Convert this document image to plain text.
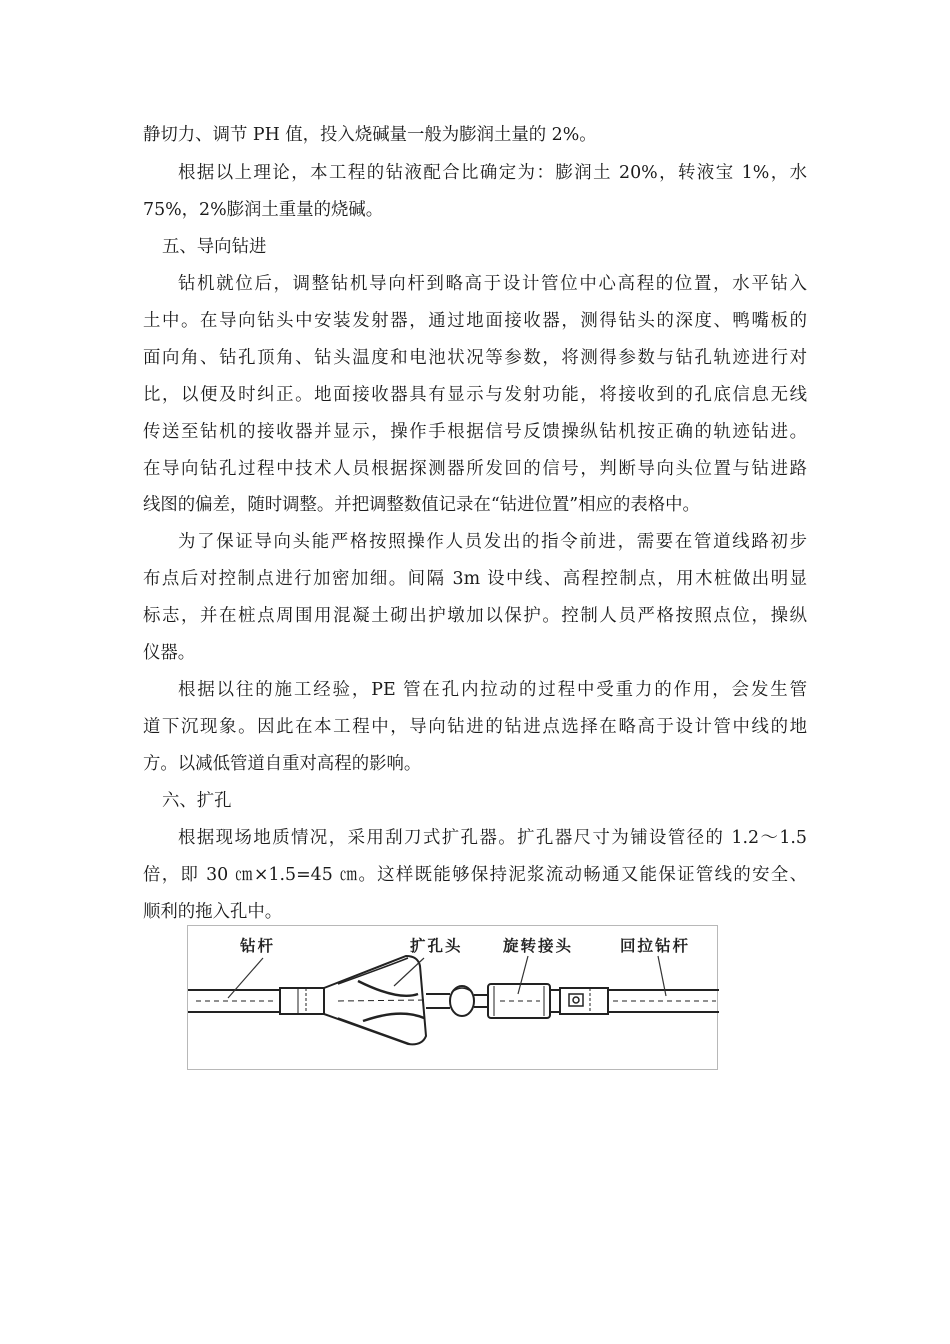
静切力、调节 PH 值，投入烧碱量一般为膨润土量的 2%。
根据以上理论，本工程的钻液配合比确定为：膨润土 20%，转液宝 1%，水
75%，2%膨润土重量的烧碱。
五、导向钻进
钻机就位后，调整钻机导向杆到略高于设计管位中心高程的位置，水平钻入
土中。在导向钻头中安装发射器，通过地面接收器，测得钻头的深度、鸭嘴板的
面向角、钻孔顶角、钻头温度和电池状况等参数，将测得参数与钻孔轨迹进行对
比，以便及时纠正。地面接收器具有显示与发射功能，将接收到的孔底信息无线
传送至钻机的接收器并显示，操作手根据信号反馈操纵钻机按正确的轨迹钻进。
在导向钻孔过程中技术人员根据探测器所发回的信号，判断导向头位置与钻进路
线图的偏差，随时调整。并把调整数值记录在“钻进位置”相应的表格中。
为了保证导向头能严格按照操作人员发出的指令前进，需要在管道线路初步
布点后对控制点进行加密加细。间隔 3m 设中线、高程控制点，用木桩做出明显
标志，并在桩点周围用混凝土砌出护墩加以保护。控制人员严格按照点位，操纵
仪器。
根据以往的施工经验，PE 管在孔内拉动的过程中受重力的作用，会发生管
道下沉现象。因此在本工程中，导向钻进的钻进点选择在略高于设计管中线的地
方。以减低管道自重对高程的影响。
六、扩孔
根据现场地质情况，采用刮刀式扩孔器。扩孔器尺寸为铺设管径的 1.2～1.5
倍，即 30 ㎝×1.5=45 ㎝。这样既能够保持泥浆流动畅通又能保证管线的安全、
顺利的拖入孔中。
钻杆	扩孔头	旋转接头	回拉钻杆
